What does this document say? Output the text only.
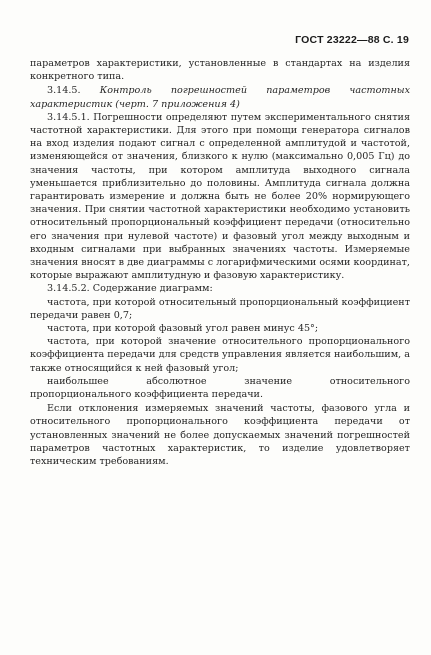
ГОСТ 23222—88 С. 19

параметров характеристики, установленные в стандартах на изделия конкретного типа.

3.14.5. Контроль погрешностей параметров частотных характеристик (черт. 7 приложения 4)

3.14.5.1. Погрешности определяют путем экспериментального снятия частотной характеристики. Для этого при помощи генератора сигналов на вход изделия подают сигнал с определенной амплитудой и частотой, изменяющейся от значения, близкого к нулю (максимально 0,005 Гц) до значения частоты, при котором амплитуда выходного сигнала уменьшается приблизительно до половины. Амплитуда сигнала должна гарантировать измерение и должна быть не более 20% нормирующего значения. При снятии частотной характеристики необходимо установить относительный пропорциональный коэффициент передачи (относительно его значения при нулевой частоте) и фазовый угол между выходным и входным сигналами при выбранных значениях частоты. Измеряемые значения вносят в две диаграммы с логарифмическими осями координат, которые выражают амплитудную и фазовую характеристику.

3.14.5.2. Содержание диаграмм:

частота, при которой относительный пропорциональный коэффициент передачи равен 0,7;

частота, при которой фазовый угол равен минус 45°;

частота, при которой значение относительного пропорционального коэффициента передачи для средств управления является наибольшим, а также относящийся к ней фазовый угол;

наибольшее абсолютное значение относительного пропорционального коэффициента передачи.

Если отклонения измеряемых значений частоты, фазового угла и относительного пропорционального коэффициента передачи от установленных значений не более допускаемых значений погрешностей параметров частотных характеристик, то изделие удовлетворяет техническим требованиям.
